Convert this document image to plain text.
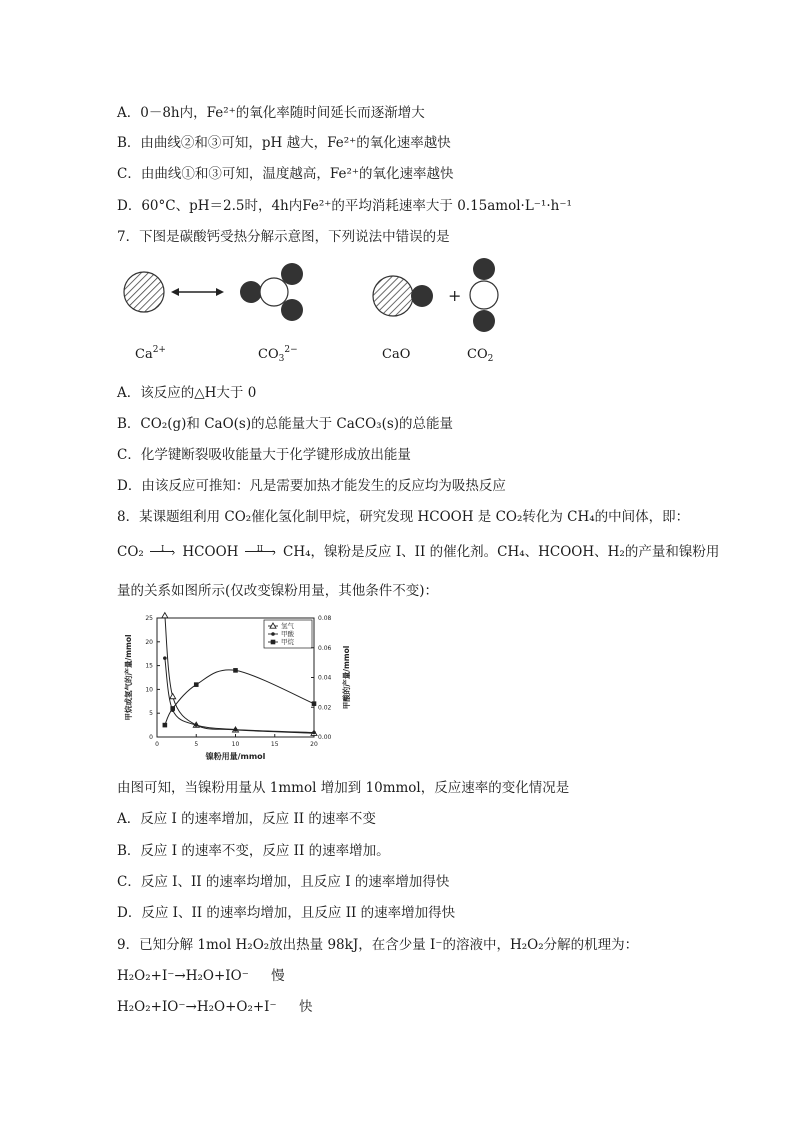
A．0－8h内，Fe²⁺的氧化率随时间延长而逐渐增大
B．由曲线②和③可知，pH 越大，Fe²⁺的氧化速率越快
C．由曲线①和③可知，温度越高，Fe²⁺的氧化速率越快
D．60°C、pH＝2.5时，4h内Fe²⁺的平均消耗速率大于 0.15amol·L⁻¹·h⁻¹
7．下图是碳酸钙受热分解示意图，下列说法中错误的是
+
$Ca^{2+}$	$CO_3^{2-}$	CaO	$CO_2$
A．该反应的△H大于 0
B．CO₂(g)和 CaO(s)的总能量大于 CaCO₃(s)的总能量
C．化学键断裂吸收能量大于化学键形成放出能量
D．由该反应可推知：凡是需要加热才能发生的反应均为吸热反应
8．某课题组利用 CO₂催化氢化制甲烷，研究发现 HCOOH 是 CO₂转化为 CH₄的中间体，即：
CO₂ I › HCOOH II › CH₄，镍粉是反应 I、II 的催化剂。CH₄、HCOOH、H₂的产量和镍粉用
量的关系如图所示(仅改变镍粉用量，其他条件不变)：
0	5	10	15	20
0
5
10
15
20
25
0.00
0.02
0.04
0.06
0.08
镍粉用量/mmol
甲烷或氢气的产量/mmol	甲酸的产量/mmol
氢气
甲酸
甲烷
由图可知，当镍粉用量从 1mmol 增加到 10mmol，反应速率的变化情况是
A．反应 I 的速率增加，反应 II 的速率不变
B．反应 I 的速率不变，反应 II 的速率增加。
C．反应 I、II 的速率均增加，且反应 I 的速率增加得快
D．反应 I、II 的速率均增加，且反应 II 的速率增加得快
9．已知分解 1mol H₂O₂放出热量 98kJ，在含少量 I⁻的溶液中，H₂O₂分解的机理为：
H₂O₂+I⁻→H₂O+IO⁻ 慢
H₂O₂+IO⁻→H₂O+O₂+I⁻ 快
